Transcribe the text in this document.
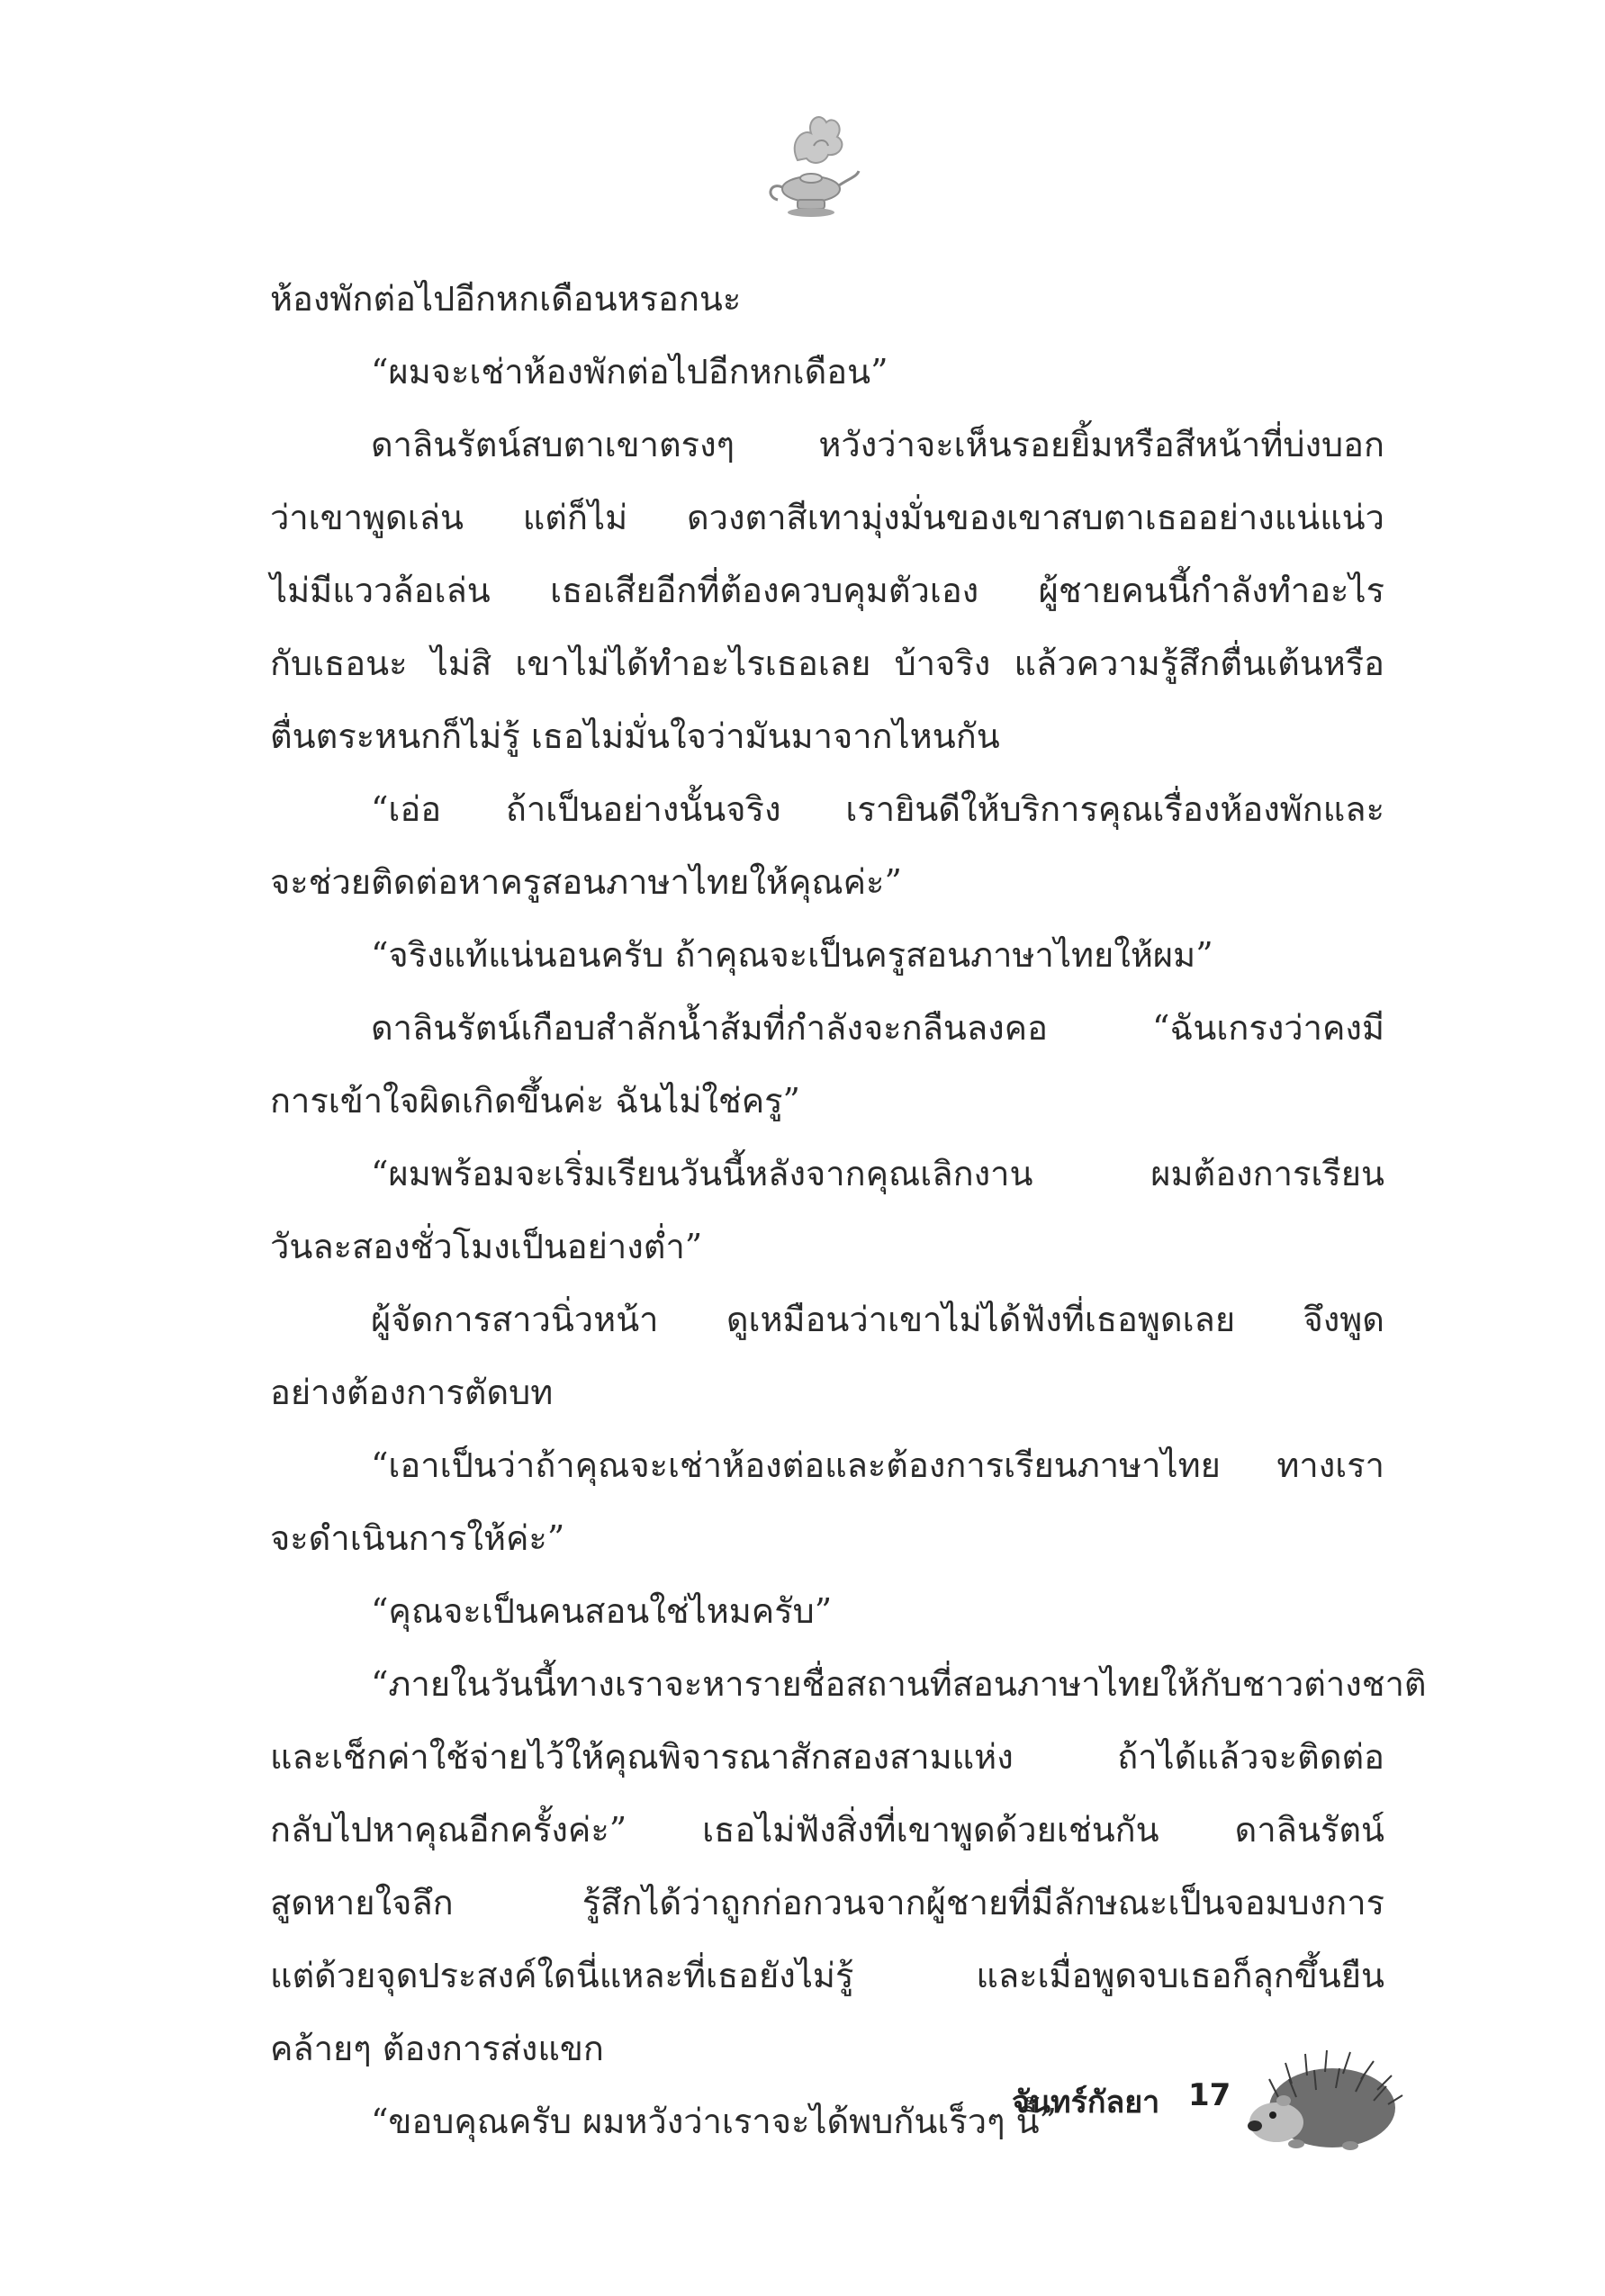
ห้องพักต่อไปอีกหกเดือนหรอกนะ
“ผมจะเช่าห้องพักต่อไปอีกหกเดือน”
ดาลินรัตน์สบตาเขาตรงๆ หวังว่าจะเห็นรอยยิ้มหรือสีหน้าที่บ่งบอก
ว่าเขาพูดเล่น แต่ก็ไม่ ดวงตาสีเทามุ่งมั่นของเขาสบตาเธออย่างแน่แน่ว
ไม่มีแววล้อเล่น เธอเสียอีกที่ต้องควบคุมตัวเอง ผู้ชายคนนี้กำลังทำอะไร
กับเธอนะ ไม่สิ เขาไม่ได้ทำอะไรเธอเลย บ้าจริง แล้วความรู้สึกตื่นเต้นหรือ
ตื่นตระหนกก็ไม่รู้ เธอไม่มั่นใจว่ามันมาจากไหนกัน
“เอ่อ ถ้าเป็นอย่างนั้นจริง เรายินดีให้บริการคุณเรื่องห้องพักและ
จะช่วยติดต่อหาครูสอนภาษาไทยให้คุณค่ะ”
“จริงแท้แน่นอนครับ ถ้าคุณจะเป็นครูสอนภาษาไทยให้ผม”
ดาลินรัตน์เกือบสำลักน้ำส้มที่กำลังจะกลืนลงคอ “ฉันเกรงว่าคงมี
การเข้าใจผิดเกิดขึ้นค่ะ ฉันไม่ใช่ครู”
“ผมพร้อมจะเริ่มเรียนวันนี้หลังจากคุณเลิกงาน ผมต้องการเรียน
วันละสองชั่วโมงเป็นอย่างต่ำ”
ผู้จัดการสาวนิ่วหน้า ดูเหมือนว่าเขาไม่ได้ฟังที่เธอพูดเลย จึงพูด
อย่างต้องการตัดบท
“เอาเป็นว่าถ้าคุณจะเช่าห้องต่อและต้องการเรียนภาษาไทย ทางเรา
จะดำเนินการให้ค่ะ”
“คุณจะเป็นคนสอนใช่ไหมครับ”
“ภายในวันนี้ทางเราจะหารายชื่อสถานที่สอนภาษาไทยให้กับชาวต่างชาติ
และเช็กค่าใช้จ่ายไว้ให้คุณพิจารณาสักสองสามแห่ง ถ้าได้แล้วจะติดต่อ
กลับไปหาคุณอีกครั้งค่ะ” เธอไม่ฟังสิ่งที่เขาพูดด้วยเช่นกัน ดาลินรัตน์
สูดหายใจลึก รู้สึกได้ว่าถูกก่อกวนจากผู้ชายที่มีลักษณะเป็นจอมบงการ
แต่ด้วยจุดประสงค์ใดนี่แหละที่เธอยังไม่รู้ และเมื่อพูดจบเธอก็ลุกขึ้นยืน
คล้ายๆ ต้องการส่งแขก
“ขอบคุณครับ ผมหวังว่าเราจะได้พบกันเร็วๆ นี้”
จันทร์กัลยา 17
